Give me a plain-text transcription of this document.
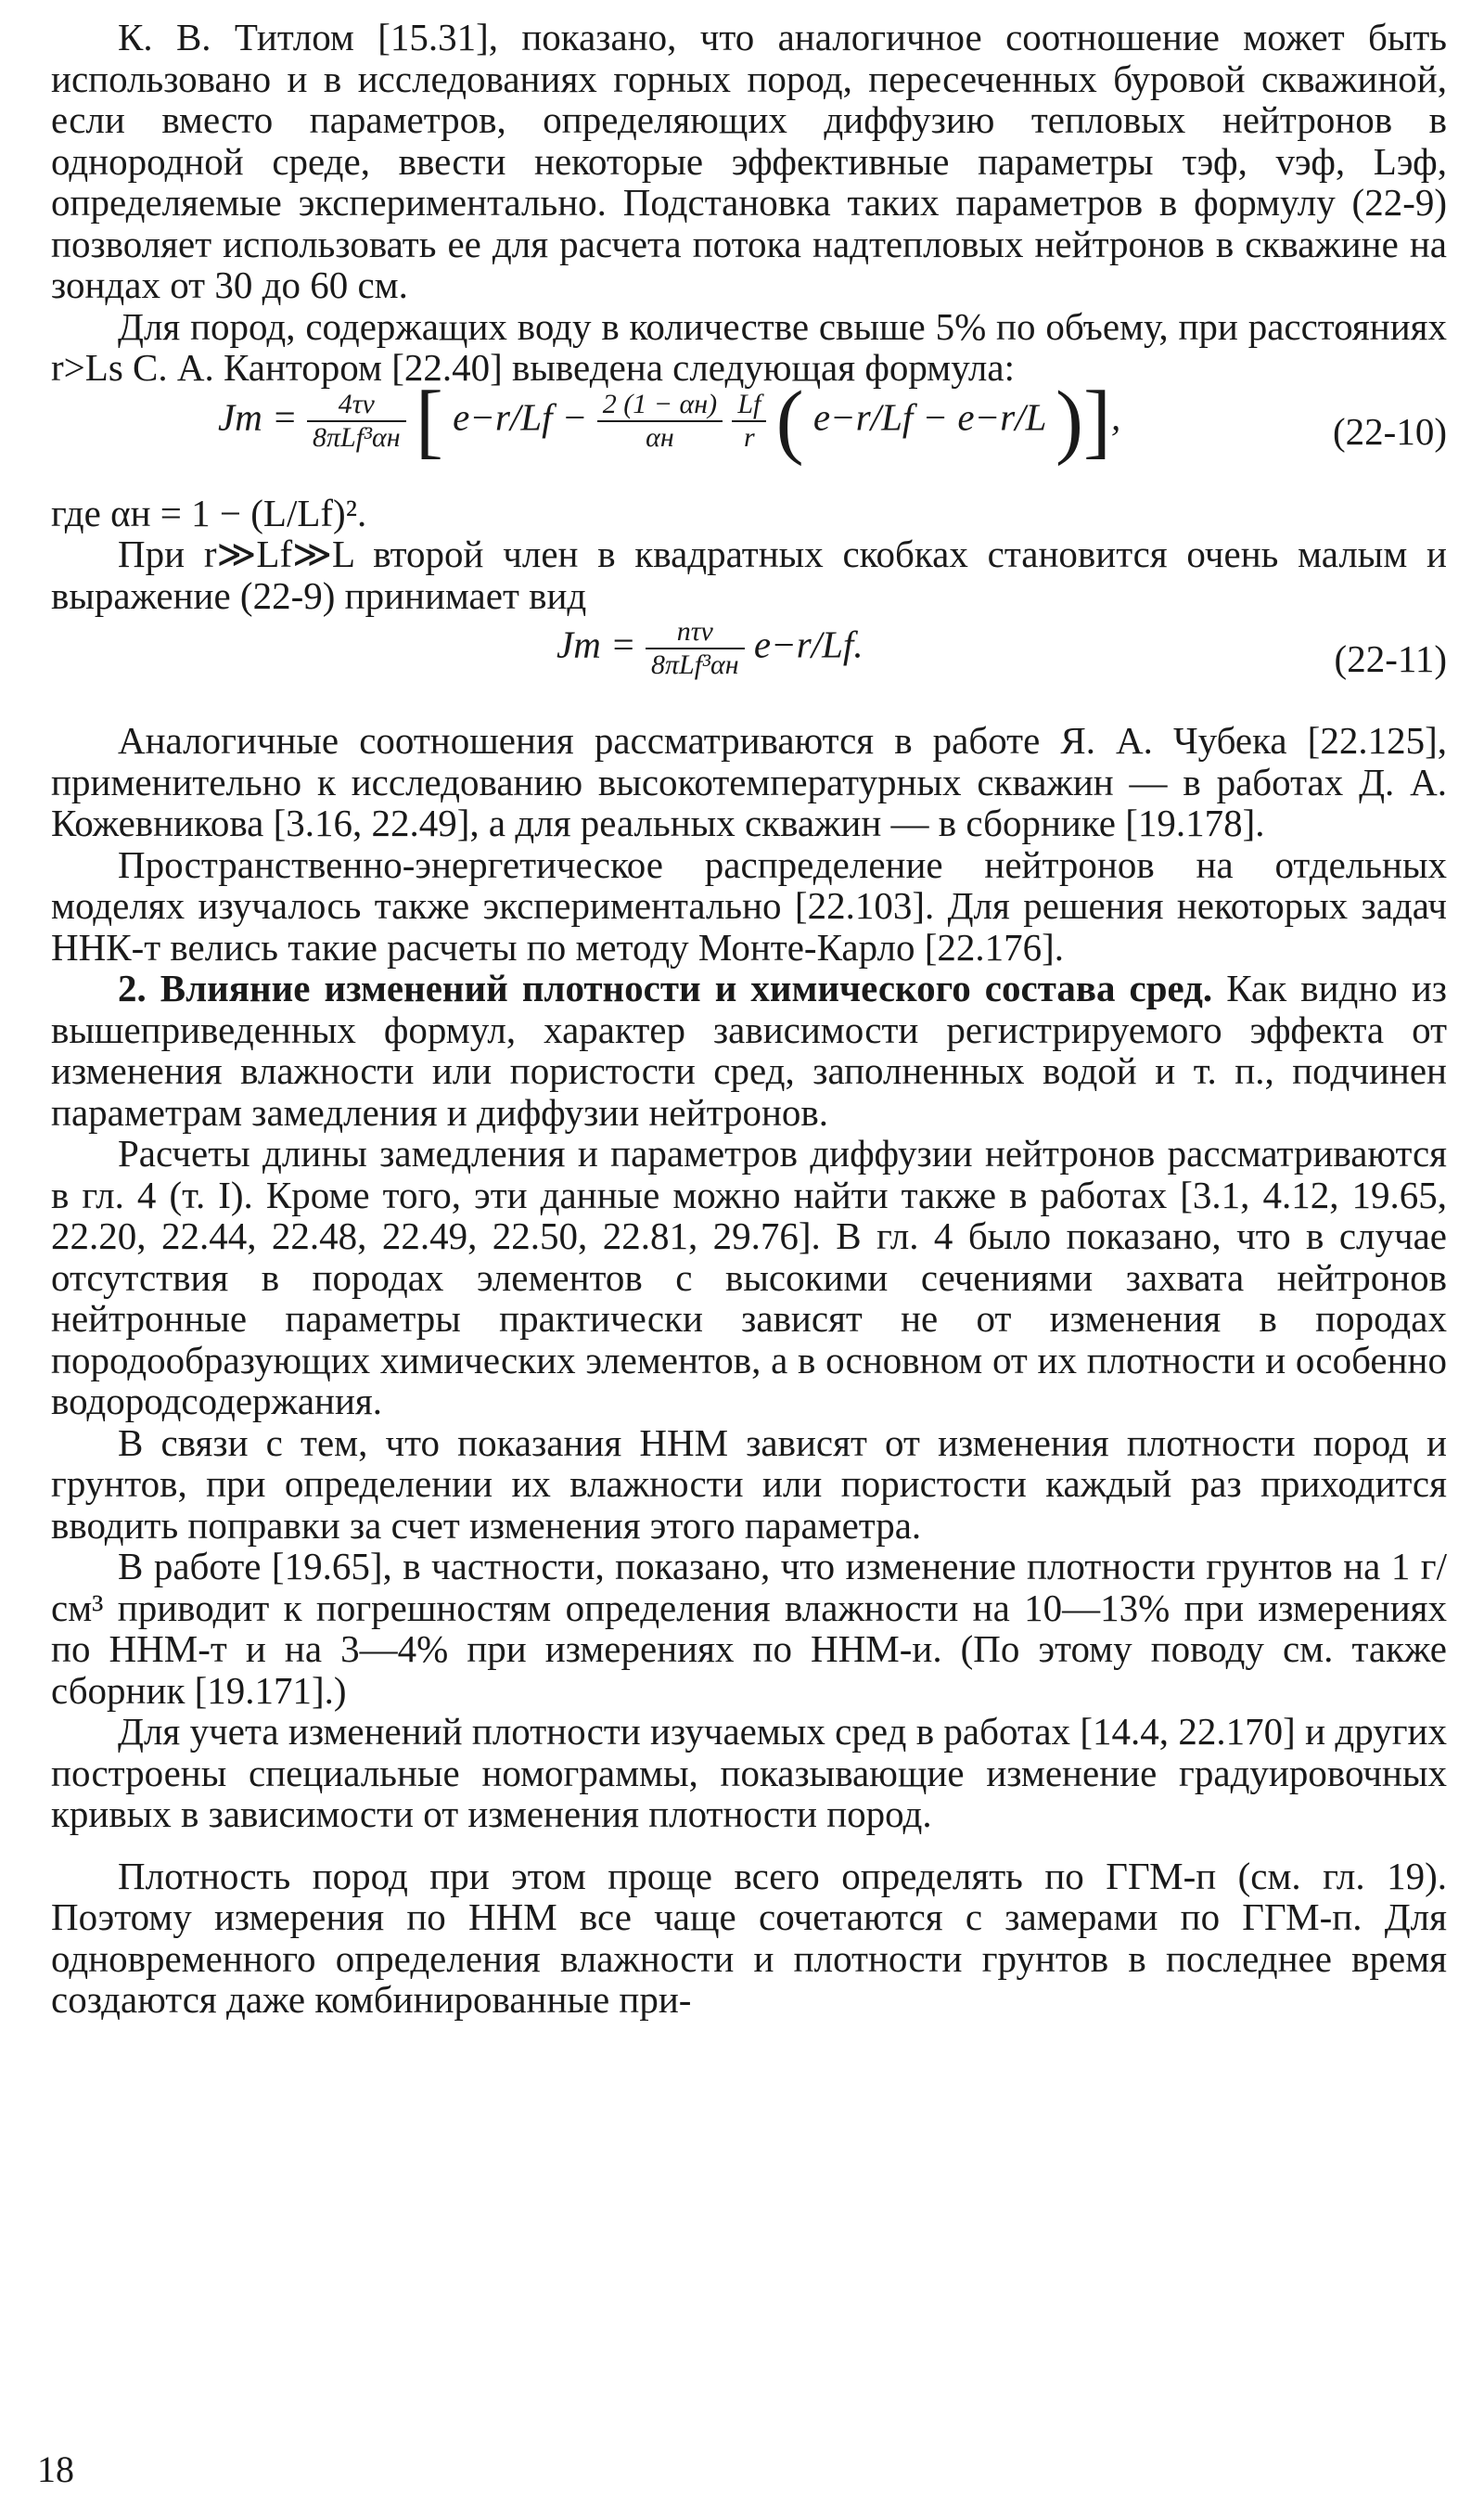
К. В. Титлом [15.31], показано, что аналогичное соотношение может быть использовано и в исследованиях горных пород, пересеченных буровой скважиной, если вместо параметров, определяющих диффузию тепловых нейтронов в однородной среде, ввести некоторые эффективные параметры τэф, vэф, Lэф, определяемые экспериментально. Подстановка таких параметров в формулу (22-9) позволяет использовать ее для расчета потока надтепловых нейтронов в скважине на зондах от 30 до 60 см.

Для пород, содержащих воду в количестве свыше 5% по объему, при расстояниях r>Ls С. А. Кантором [22.40] выведена следующая формула:

Jт = $\frac{4\tau v}{\text{8πLf³αн}}$ [ $e-r/Lf - \frac{2 (1 - \alpha н)}{\alpha н}$
$\frac{Lf}{r}$ ( e−r/Lf − e−r/L )],	(22-10)

где αн = 1 − (L/Lf)².

При r≫Lf≫L второй член в квадратных скобках становится очень малым и выражение (22-9) принимает вид

Jт = $\frac{\text{nτv}}{\text{8πLf³αн}} e-r/Lf$.	(22-11)

Аналогичные соотношения рассматриваются в работе Я. А. Чубека [22.125], применительно к исследованию высокотемпературных скважин — в работах Д. А. Кожевникова [3.16, 22.49], а для реальных скважин — в сборнике [19.178].

Пространственно-энергетическое распределение нейтронов на отдельных моделях изучалось также экспериментально [22.103]. Для решения некоторых задач ННК-т велись такие расчеты по методу Монте-Карло [22.176].

2. Влияние изменений плотности и химического состава сред. Как видно из вышеприведенных формул, характер зависимости регистрируемого эффекта от изменения влажности или пористости сред, заполненных водой и т. п., подчинен параметрам замедления и диффузии нейтронов.

Расчеты длины замедления и параметров диффузии нейтронов рассматриваются в гл. 4 (т. I). Кроме того, эти данные можно найти также в работах [3.1, 4.12, 19.65, 22.20, 22.44, 22.48, 22.49, 22.50, 22.81, 29.76]. В гл. 4 было показано, что в случае отсутствия в породах элементов с высокими сечениями захвата нейтронов нейтронные параметры практически зависят не от изменения в породах породообразующих химических элементов, а в основном от их плотности и особенно водородсодержания.

В связи с тем, что показания ННМ зависят от изменения плотности пород и грунтов, при определении их влажности или пористости каждый раз приходится вводить поправки за счет изменения этого параметра.

В работе [19.65], в частности, показано, что изменение плотности грунтов на 1 г/см³ приводит к погрешностям определения влажности на 10—13% при измерениях по ННМ-т и на 3—4% при измерениях по ННМ-и. (По этому поводу см. также сборник [19.171].)

Для учета изменений плотности изучаемых сред в работах [14.4, 22.170] и других построены специальные номограммы, показывающие изменение градуировочных кривых в зависимости от изменения плотности пород.

Плотность пород при этом проще всего определять по ГГМ-п (см. гл. 19). Поэтому измерения по ННМ все чаще сочетаются с замерами по ГГМ-п. Для одновременного определения влажности и плотности грунтов в последнее время создаются даже комбинированные при-

18
